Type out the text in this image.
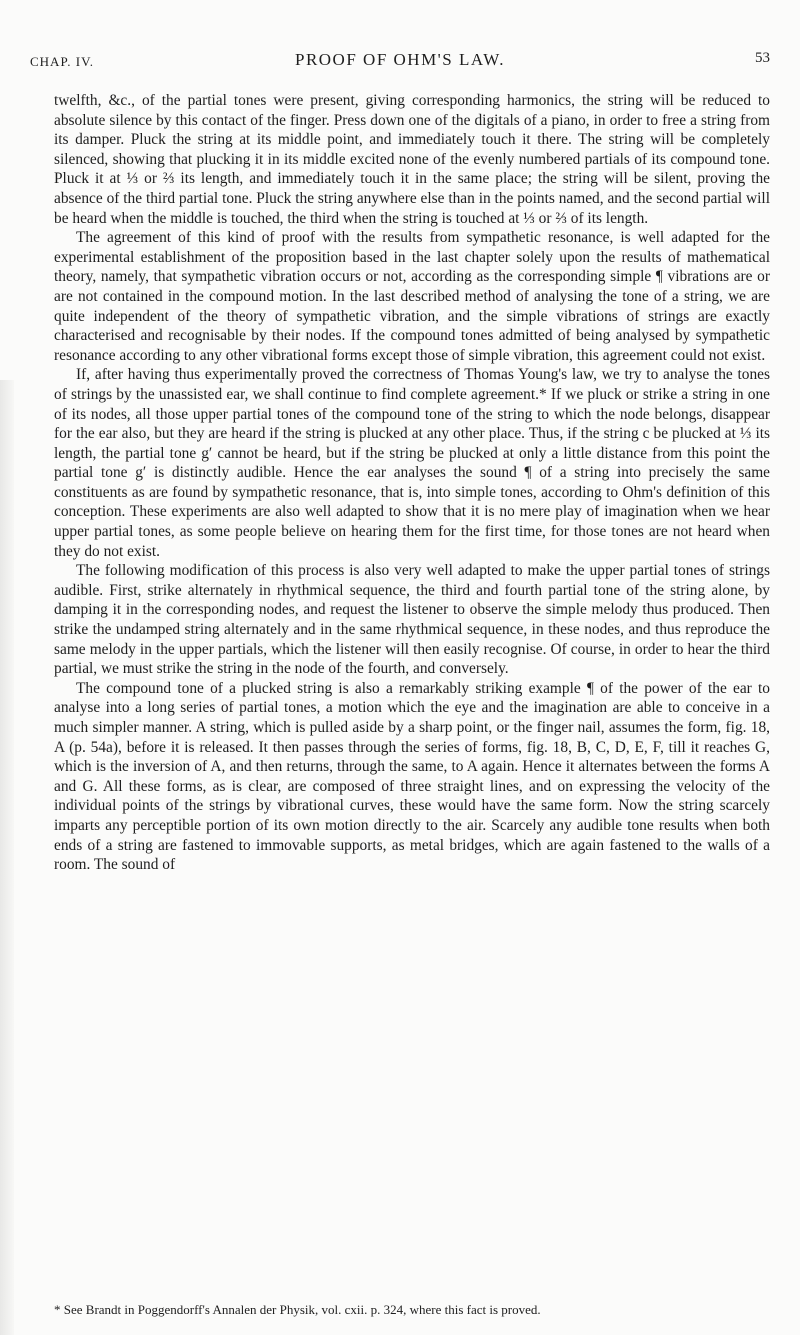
CHAP. IV.	PROOF OF OHM'S LAW.	53

twelfth, &c., of the partial tones were present, giving corresponding harmonics, the string will be reduced to absolute silence by this contact of the finger. Press down one of the digitals of a piano, in order to free a string from its damper. Pluck the string at its middle point, and immediately touch it there. The string will be completely silenced, showing that plucking it in its middle excited none of the evenly numbered partials of its compound tone. Pluck it at ⅓ or ⅔ its length, and immediately touch it in the same place; the string will be silent, proving the absence of the third partial tone. Pluck the string anywhere else than in the points named, and the second partial will be heard when the middle is touched, the third when the string is touched at ⅓ or ⅔ of its length.

The agreement of this kind of proof with the results from sympathetic resonance, is well adapted for the experimental establishment of the proposition based in the last chapter solely upon the results of mathematical theory, namely, that sympathetic vibration occurs or not, according as the corresponding simple ¶ vibrations are or are not contained in the compound motion. In the last described method of analysing the tone of a string, we are quite independent of the theory of sympathetic vibration, and the simple vibrations of strings are exactly characterised and recognisable by their nodes. If the compound tones admitted of being analysed by sympathetic resonance according to any other vibrational forms except those of simple vibration, this agreement could not exist.

If, after having thus experimentally proved the correctness of Thomas Young's law, we try to analyse the tones of strings by the unassisted ear, we shall continue to find complete agreement.* If we pluck or strike a string in one of its nodes, all those upper partial tones of the compound tone of the string to which the node belongs, disappear for the ear also, but they are heard if the string is plucked at any other place. Thus, if the string c be plucked at ⅓ its length, the partial tone g′ cannot be heard, but if the string be plucked at only a little distance from this point the partial tone g′ is distinctly audible. Hence the ear analyses the sound ¶ of a string into precisely the same constituents as are found by sympathetic resonance, that is, into simple tones, according to Ohm's definition of this conception. These experiments are also well adapted to show that it is no mere play of imagination when we hear upper partial tones, as some people believe on hearing them for the first time, for those tones are not heard when they do not exist.

The following modification of this process is also very well adapted to make the upper partial tones of strings audible. First, strike alternately in rhythmical sequence, the third and fourth partial tone of the string alone, by damping it in the corresponding nodes, and request the listener to observe the simple melody thus produced. Then strike the undamped string alternately and in the same rhythmical sequence, in these nodes, and thus reproduce the same melody in the upper partials, which the listener will then easily recognise. Of course, in order to hear the third partial, we must strike the string in the node of the fourth, and conversely.

The compound tone of a plucked string is also a remarkably striking example ¶ of the power of the ear to analyse into a long series of partial tones, a motion which the eye and the imagination are able to conceive in a much simpler manner. A string, which is pulled aside by a sharp point, or the finger nail, assumes the form, fig. 18, A (p. 54a), before it is released. It then passes through the series of forms, fig. 18, B, C, D, E, F, till it reaches G, which is the inversion of A, and then returns, through the same, to A again. Hence it alternates between the forms A and G. All these forms, as is clear, are composed of three straight lines, and on expressing the velocity of the individual points of the strings by vibrational curves, these would have the same form. Now the string scarcely imparts any perceptible portion of its own motion directly to the air. Scarcely any audible tone results when both ends of a string are fastened to immovable supports, as metal bridges, which are again fastened to the walls of a room. The sound of

* See Brandt in Poggendorff's Annalen der Physik, vol. cxii. p. 324, where this fact is proved.
